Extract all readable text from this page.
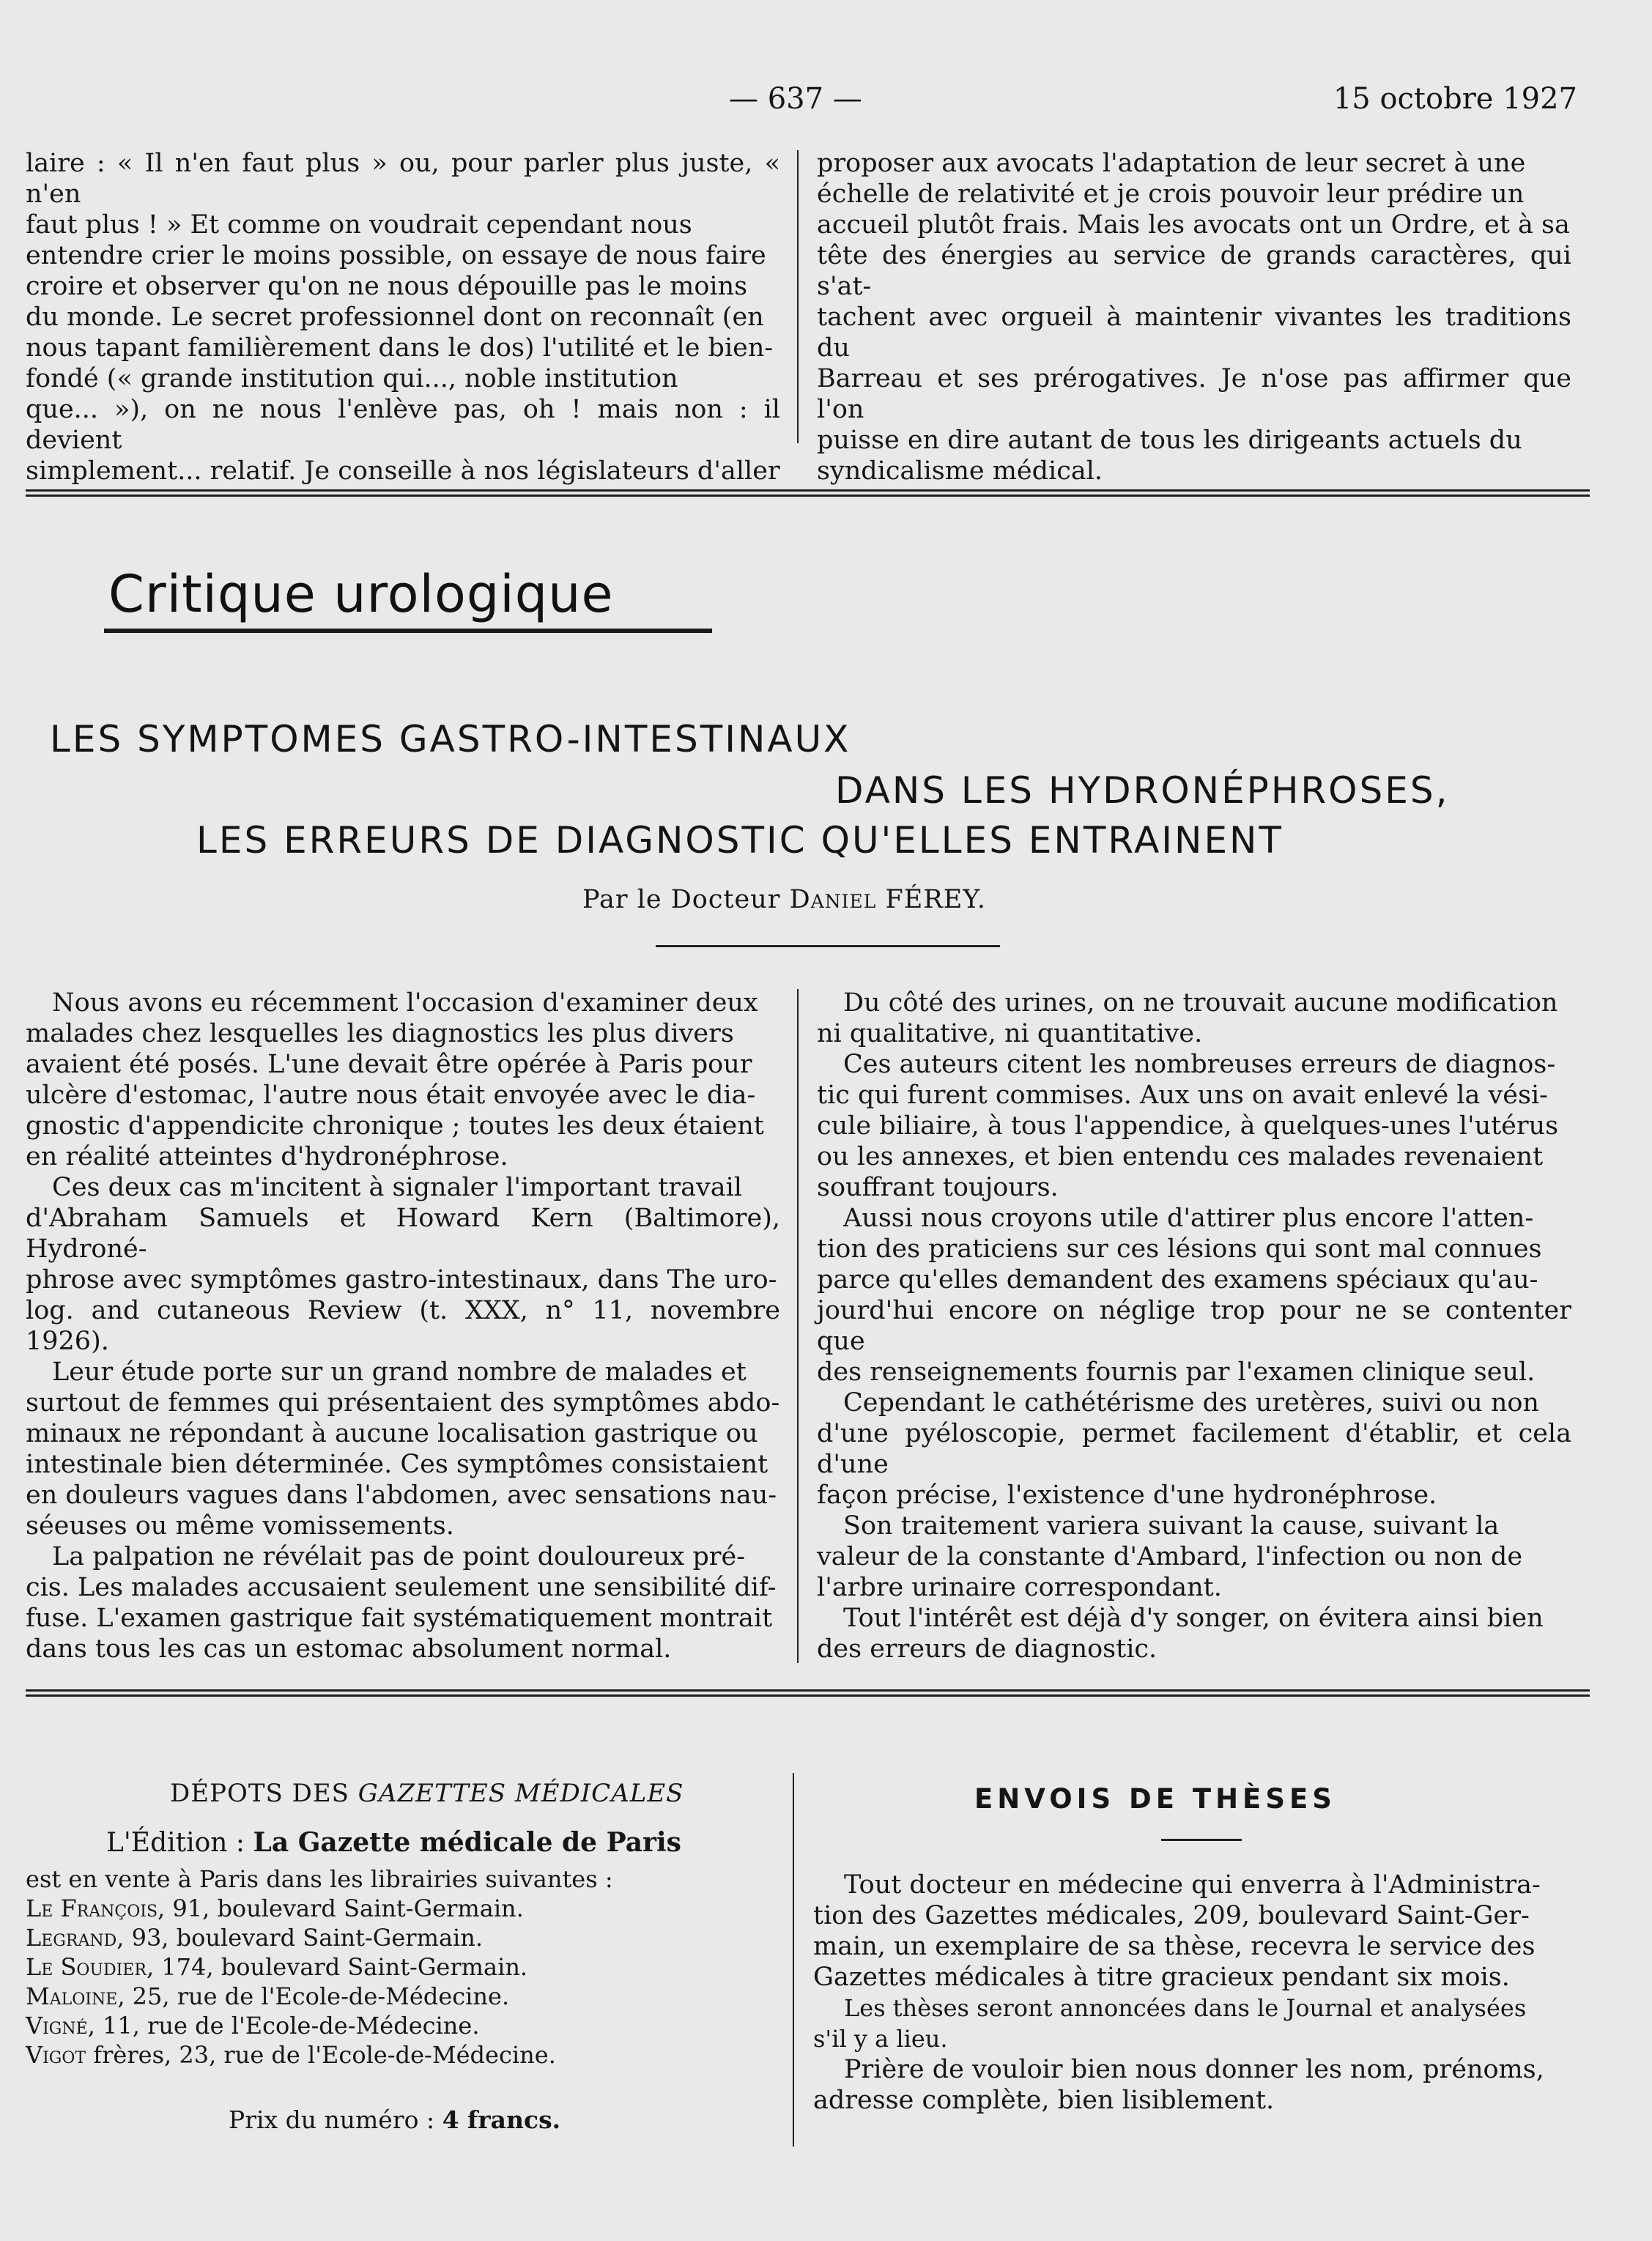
— 637 —	15 octobre 1927

laire : « Il n'en faut plus » ou, pour parler plus juste, « n'en

faut plus ! » Et comme on voudrait cependant nous

entendre crier le moins possible, on essaye de nous faire

croire et observer qu'on ne nous dépouille pas le moins

du monde. Le secret professionnel dont on reconnaît (en

nous tapant familièrement dans le dos) l'utilité et le bien-

fondé (« grande institution qui..., noble institution

que... »), on ne nous l'enlève pas, oh ! mais non : il devient

simplement... relatif. Je conseille à nos législateurs d'aller

proposer aux avocats l'adaptation de leur secret à une

échelle de relativité et je crois pouvoir leur prédire un

accueil plutôt frais. Mais les avocats ont un Ordre, et à sa

tête des énergies au service de grands caractères, qui s'at-

tachent avec orgueil à maintenir vivantes les traditions du

Barreau et ses prérogatives. Je n'ose pas affirmer que l'on

puisse en dire autant de tous les dirigeants actuels du

syndicalisme médical.

Critique urologique
LES SYMPTOMES GASTRO-INTESTINAUX
DANS LES HYDRONÉPHROSES,
LES ERREURS DE DIAGNOSTIC QU'ELLES ENTRAINENT
Par le Docteur Daniel FÉREY.

Nous avons eu récemment l'occasion d'examiner deux

malades chez lesquelles les diagnostics les plus divers

avaient été posés. L'une devait être opérée à Paris pour

ulcère d'estomac, l'autre nous était envoyée avec le dia-

gnostic d'appendicite chronique ; toutes les deux étaient

en réalité atteintes d'hydronéphrose.

Ces deux cas m'incitent à signaler l'important travail

d'Abraham Samuels et Howard Kern (Baltimore), Hydroné-

phrose avec symptômes gastro-intestinaux, dans The uro-

log. and cutaneous Review (t. XXX, n° 11, novembre 1926).

Leur étude porte sur un grand nombre de malades et

surtout de femmes qui présentaient des symptômes abdo-

minaux ne répondant à aucune localisation gastrique ou

intestinale bien déterminée. Ces symptômes consistaient

en douleurs vagues dans l'abdomen, avec sensations nau-

séeuses ou même vomissements.

La palpation ne révélait pas de point douloureux pré-

cis. Les malades accusaient seulement une sensibilité dif-

fuse. L'examen gastrique fait systématiquement montrait

dans tous les cas un estomac absolument normal.

Du côté des urines, on ne trouvait aucune modification

ni qualitative, ni quantitative.

Ces auteurs citent les nombreuses erreurs de diagnos-

tic qui furent commises. Aux uns on avait enlevé la vési-

cule biliaire, à tous l'appendice, à quelques-unes l'utérus

ou les annexes, et bien entendu ces malades revenaient

souffrant toujours.

Aussi nous croyons utile d'attirer plus encore l'atten-

tion des praticiens sur ces lésions qui sont mal connues

parce qu'elles demandent des examens spéciaux qu'au-

jourd'hui encore on néglige trop pour ne se contenter que

des renseignements fournis par l'examen clinique seul.

Cependant le cathétérisme des uretères, suivi ou non

d'une pyéloscopie, permet facilement d'établir, et cela d'une

façon précise, l'existence d'une hydronéphrose.

Son traitement variera suivant la cause, suivant la

valeur de la constante d'Ambard, l'infection ou non de

l'arbre urinaire correspondant.

Tout l'intérêt est déjà d'y songer, on évitera ainsi bien

des erreurs de diagnostic.

DÉPOTS DES GAZETTES MÉDICALES
L'Édition : La Gazette médicale de Paris

est en vente à Paris dans les librairies suivantes :

Le François, 91, boulevard Saint-Germain.

Legrand, 93, boulevard Saint-Germain.

Le Soudier, 174, boulevard Saint-Germain.

Maloine, 25, rue de l'Ecole-de-Médecine.

Vigné, 11, rue de l'Ecole-de-Médecine.

Vigot frères, 23, rue de l'Ecole-de-Médecine.

Prix du numéro : 4 francs.
ENVOIS DE THÈSES

Tout docteur en médecine qui enverra à l'Administra-

tion des Gazettes médicales, 209, boulevard Saint-Ger-

main, un exemplaire de sa thèse, recevra le service des

Gazettes médicales à titre gracieux pendant six mois.

Les thèses seront annoncées dans le Journal et analysées

s'il y a lieu.

Prière de vouloir bien nous donner les nom, prénoms,

adresse complète, bien lisiblement.
